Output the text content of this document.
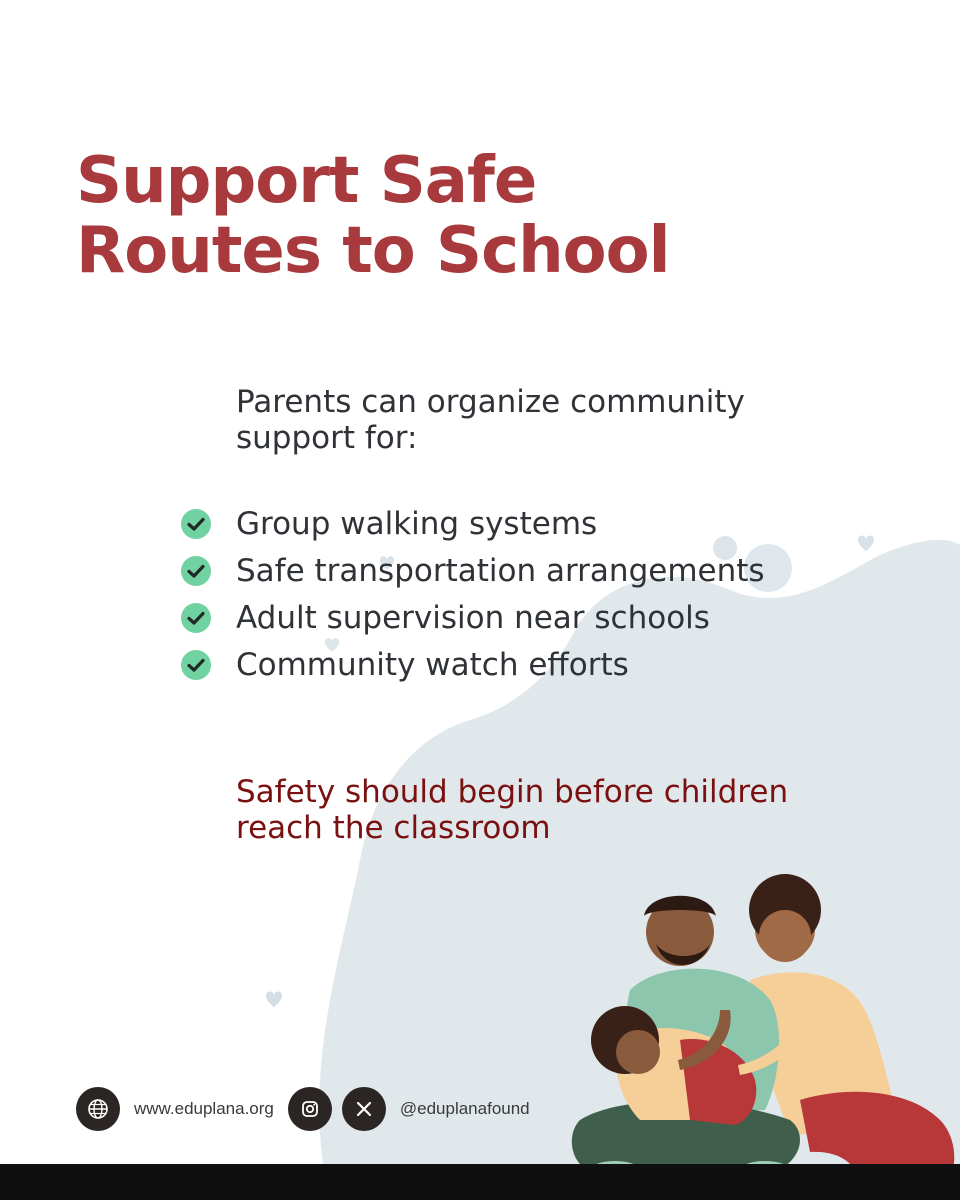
Support Safe
Routes to School

Parents can organize community
support for:

Group walking systems
Safe transportation arrangements
Adult supervision near schools
Community watch efforts

Safety should begin before children
reach the classroom

www.eduplana.org	@eduplanafound
